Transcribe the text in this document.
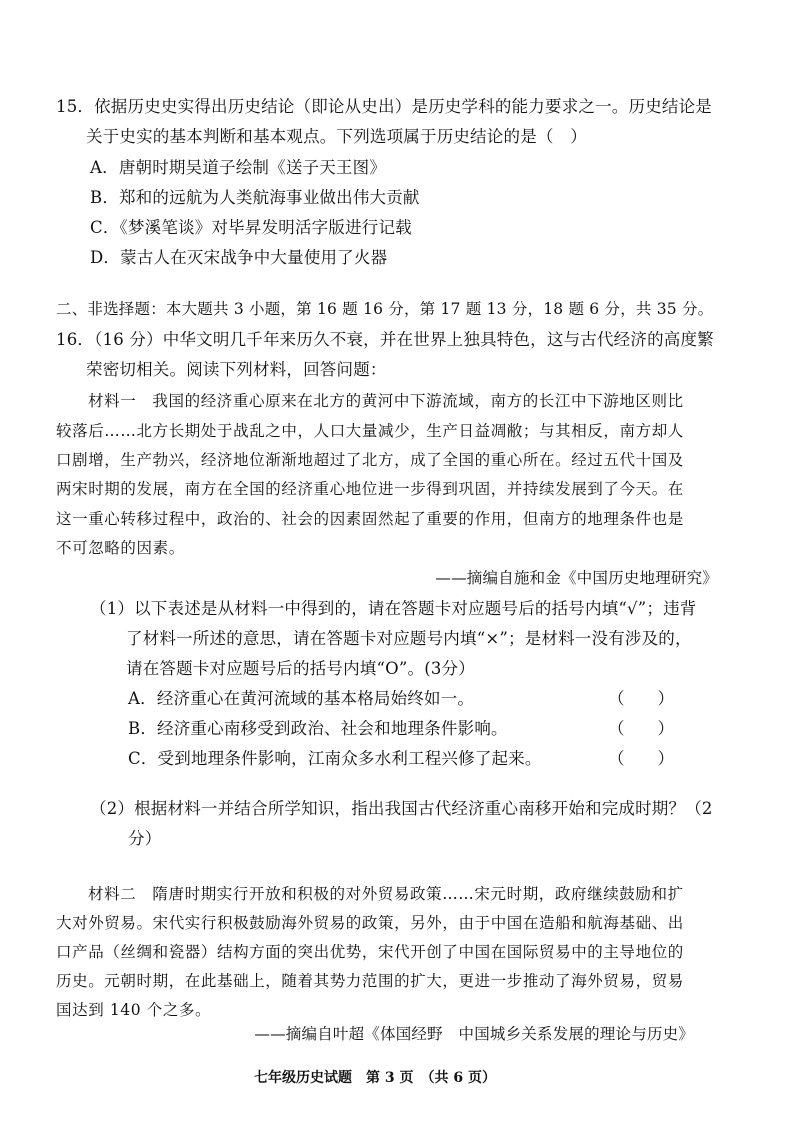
15．依据历史史实得出历史结论（即论从史出）是历史学科的能力要求之一。历史结论是
关于史实的基本判断和基本观点。下列选项属于历史结论的是（　）
A．唐朝时期吴道子绘制《送子天王图》
B．郑和的远航为人类航海事业做出伟大贡献
C．《梦溪笔谈》对毕昇发明活字版进行记载
D．蒙古人在灭宋战争中大量使用了火器
二、非选择题：本大题共 3 小题，第 16 题 16 分，第 17 题 13 分，18 题 6 分，共 35 分。
16．（16 分）中华文明几千年来历久不衰，并在世界上独具特色，这与古代经济的高度繁
荣密切相关。阅读下列材料，回答问题：
材料一　我国的经济重心原来在北方的黄河中下游流域，南方的长江中下游地区则比
较落后……北方长期处于战乱之中，人口大量减少，生产日益凋敝；与其相反，南方却人
口剧增，生产勃兴，经济地位渐渐地超过了北方，成了全国的重心所在。经过五代十国及
两宋时期的发展，南方在全国的经济重心地位进一步得到巩固，并持续发展到了今天。在
这一重心转移过程中，政治的、社会的因素固然起了重要的作用，但南方的地理条件也是
不可忽略的因素。
——摘编自施和金《中国历史地理研究》
（1）以下表述是从材料一中得到的，请在答题卡对应题号后的括号内填“√”；违背
了材料一所述的意思，请在答题卡对应题号内填“×”；是材料一没有涉及的，
请在答题卡对应题号后的括号内填“O”。(3分）
A．经济重心在黄河流域的基本格局始终如一。	（　　）
B．经济重心南移受到政治、社会和地理条件影响。	（　　）
C．受到地理条件影响，江南众多水利工程兴修了起来。	（　　）
（2）根据材料一并结合所学知识，指出我国古代经济重心南移开始和完成时期？（2
分）
材料二　隋唐时期实行开放和积极的对外贸易政策……宋元时期，政府继续鼓励和扩
大对外贸易。宋代实行积极鼓励海外贸易的政策，另外，由于中国在造船和航海基础、出
口产品（丝绸和瓷器）结构方面的突出优势，宋代开创了中国在国际贸易中的主导地位的
历史。元朝时期，在此基础上，随着其势力范围的扩大，更进一步推动了海外贸易，贸易
国达到 140 个之多。
——摘编自叶超《体国经野　中国城乡关系发展的理论与历史》
七年级历史试题　第 3 页　（共 6 页）
